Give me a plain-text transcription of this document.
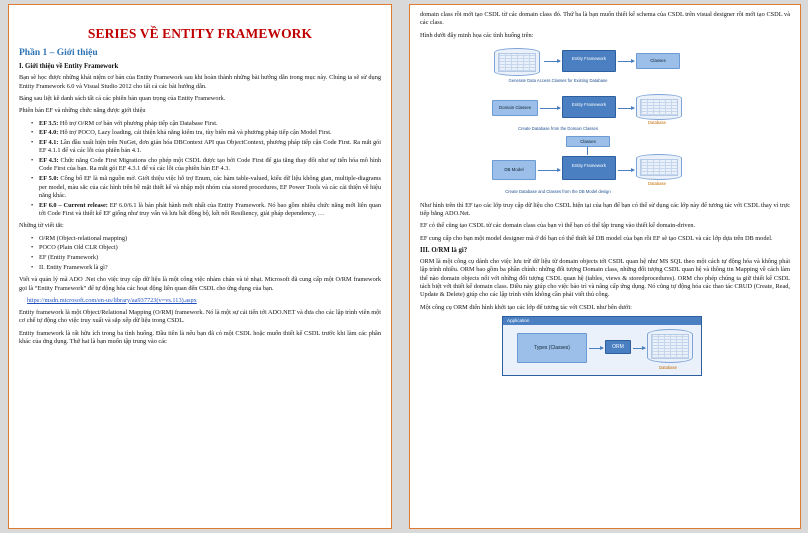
SERIES VỀ ENTITY FRAMEWORK
Phần 1 – Giới thiệu
I. Giới thiệu về Entity Framework

Bạn sẽ học được những khái niệm cơ bản của Entity Framework sau khi hoàn thành những bài hướng dẫn trong mục này. Chúng ta sẽ sử dụng Entity Framework 6.0 và Visual Studio 2012 cho tất cả các bài hướng dẫn.

Bảng sau liệt kê danh sách tất cả các phiên bản quan trọng của Entity Framework.

Phiên bản EF và những chức năng được giới thiệu

• EF 3.5: Hỗ trợ O/RM cơ bản với phương pháp tiếp cận Database First.
• EF 4.0: Hỗ trợ POCO, Lazy loading, cải thiện khả năng kiểm tra, tùy biến mã và phương pháp tiếp cận Model First.
• EF 4.1: Lần đầu xuất hiện trên NuGet, đơn giản hóa DBContext API qua ObjectContext, phương pháp tiếp cận Code First. Ra mắt gói EF 4.1.1 để vá các lỗi của phiên bản 4.1.
• EF 4.3: Chức năng Code First Migrations cho phép một CSDL được tạo bởi Code First để gia tăng thay đổi như sự tiến hóa mô hình Code First của bạn. Ra mắt gói EF 4.3.1 để vá các lỗi của phiên bản EF 4.3.
• EF 5.0: Công bố EF là mã nguồn mở. Giới thiệu việc hỗ trợ Enum, các hàm table-valued, kiểu dữ liệu không gian, multiple-diagrams per model, màu sắc của các hình trên bề mặt thiết kế và nhập một nhóm của stored procedures, EF Power Tools và các cải thiện về hiệu năng khác.
• EF 6.0 – Current release: EF 6.0/6.1 là bản phát hành mới nhất của Entity Framework. Nó bao gồm nhiều chức năng mới liên quan tới Code First và thiết kế EF giống như truy vấn và lưu bất đồng bộ, kết nối Resiliency, giải pháp dependency, …

Những từ viết tắt:

• O/RM (Object-relational mapping)
• POCO (Plain Old CLR Object)
• EF (Entity Framework)
• II. Entity Framework là gì?

Viết và quản lý mã ADO .Net cho việc truy cập dữ liệu là một công việc nhàm chán và tẻ nhạt. Microsoft đã cung cấp một O/RM framework gọi là “Entity Framework” để tự động hóa các hoạt động liên quan đến CSDL cho ứng dụng của bạn.

https://msdn.microsoft.com/en-us/library/aa937723(v=vs.113).aspx

Entity framework là một Object/Relational Mapping (O/RM) framework. Nó là một sự cải tiến tới ADO.NET và đưa cho các lập trình viên một cơ chế tự động cho việc truy xuất và sắp xếp dữ liệu trong CSDL.

Entity framework là rất hữu ích trong ba tình huống. Đầu tiên là nếu bạn đã có một CSDL hoặc muốn thiết kế CSDL trước khi làm các phần khác của ứng dụng. Thứ hai là bạn muốn tập trung vào các

domain class rồi mới tạo CSDL từ các domain class đó. Thứ ba là bạn muốn thiết kế schema của CSDL trên visual designer rồi mới tạo CSDL và các class.

Hình dưới đây minh họa các tình huống trên:

Entity Framework	Classes
Generate Data Access Classes for Existing Database
Domain Classes
Entity Framework
Database
Create Database from the Domain Classes
Classes
DB Model
Entity Framework
Database
Create Database and Classes from the DB Model design

Như hình trên thì EF tạo các lớp truy cập dữ liệu cho CSDL hiện tại của bạn để bạn có thể sử dụng các lớp này để tương tác với CSDL thay vì trực tiếp bằng ADO.Net.

EF có thể cũng tạo CSDL từ các domain class của bạn vì thế bạn có thể tập trung vào thiết kế domain-driven.

EF cung cấp cho bạn một model designer mà ở đó bạn có thể thiết kế DB model của bạn rồi EF sẽ tạo CSDL và các lớp dựa trên DB model.

III. O/RM là gì?

ORM là một công cụ dành cho việc lưu trữ dữ liệu từ domain objects tới CSDL quan hệ như MS SQL theo một cách tự động hóa và không phải lập trình nhiều. ORM bao gồm ba phần chính: những đối tượng Domain class, những đối tượng CSDL quan hệ và thông tin Mapping về cách làm thế nào domain objects nối với những đối tượng CSDL quan hệ (tables, views & storedprocedures). ORM cho phép chúng ta giữ thiết kế CSDL tách biệt với thiết kế domain class. Điều này giúp cho việc bảo trì và nâng cấp ứng dụng. Nó cũng tự động hóa các thao tác CRUD (Create, Read, Update & Delete) giúp cho các lập trình viên không cần phải viết thủ công.

Một công cụ ORM điển hình khởi tạo các lớp để tương tác với CSDL như bên dưới:

Application
Types (Classes)	ORM
Database
